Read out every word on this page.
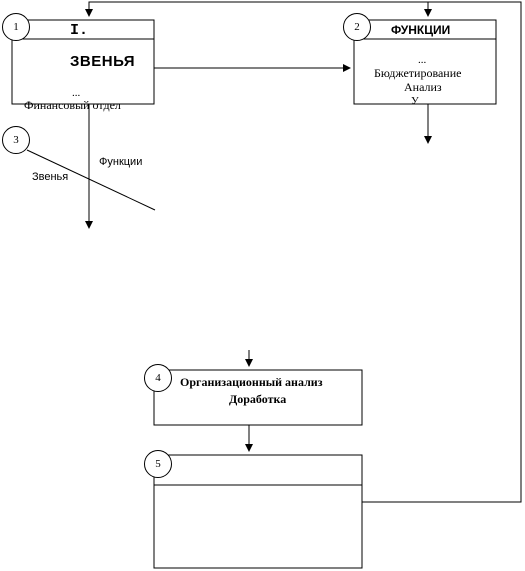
I.
ЗВЕНЬЯ
...
Финансовый отдел
ФУНКЦИИ
...
Бюджетирование
Анализ
У
Функции
Звенья
Организационный анализ
Доработка
1	2
3
4
5
